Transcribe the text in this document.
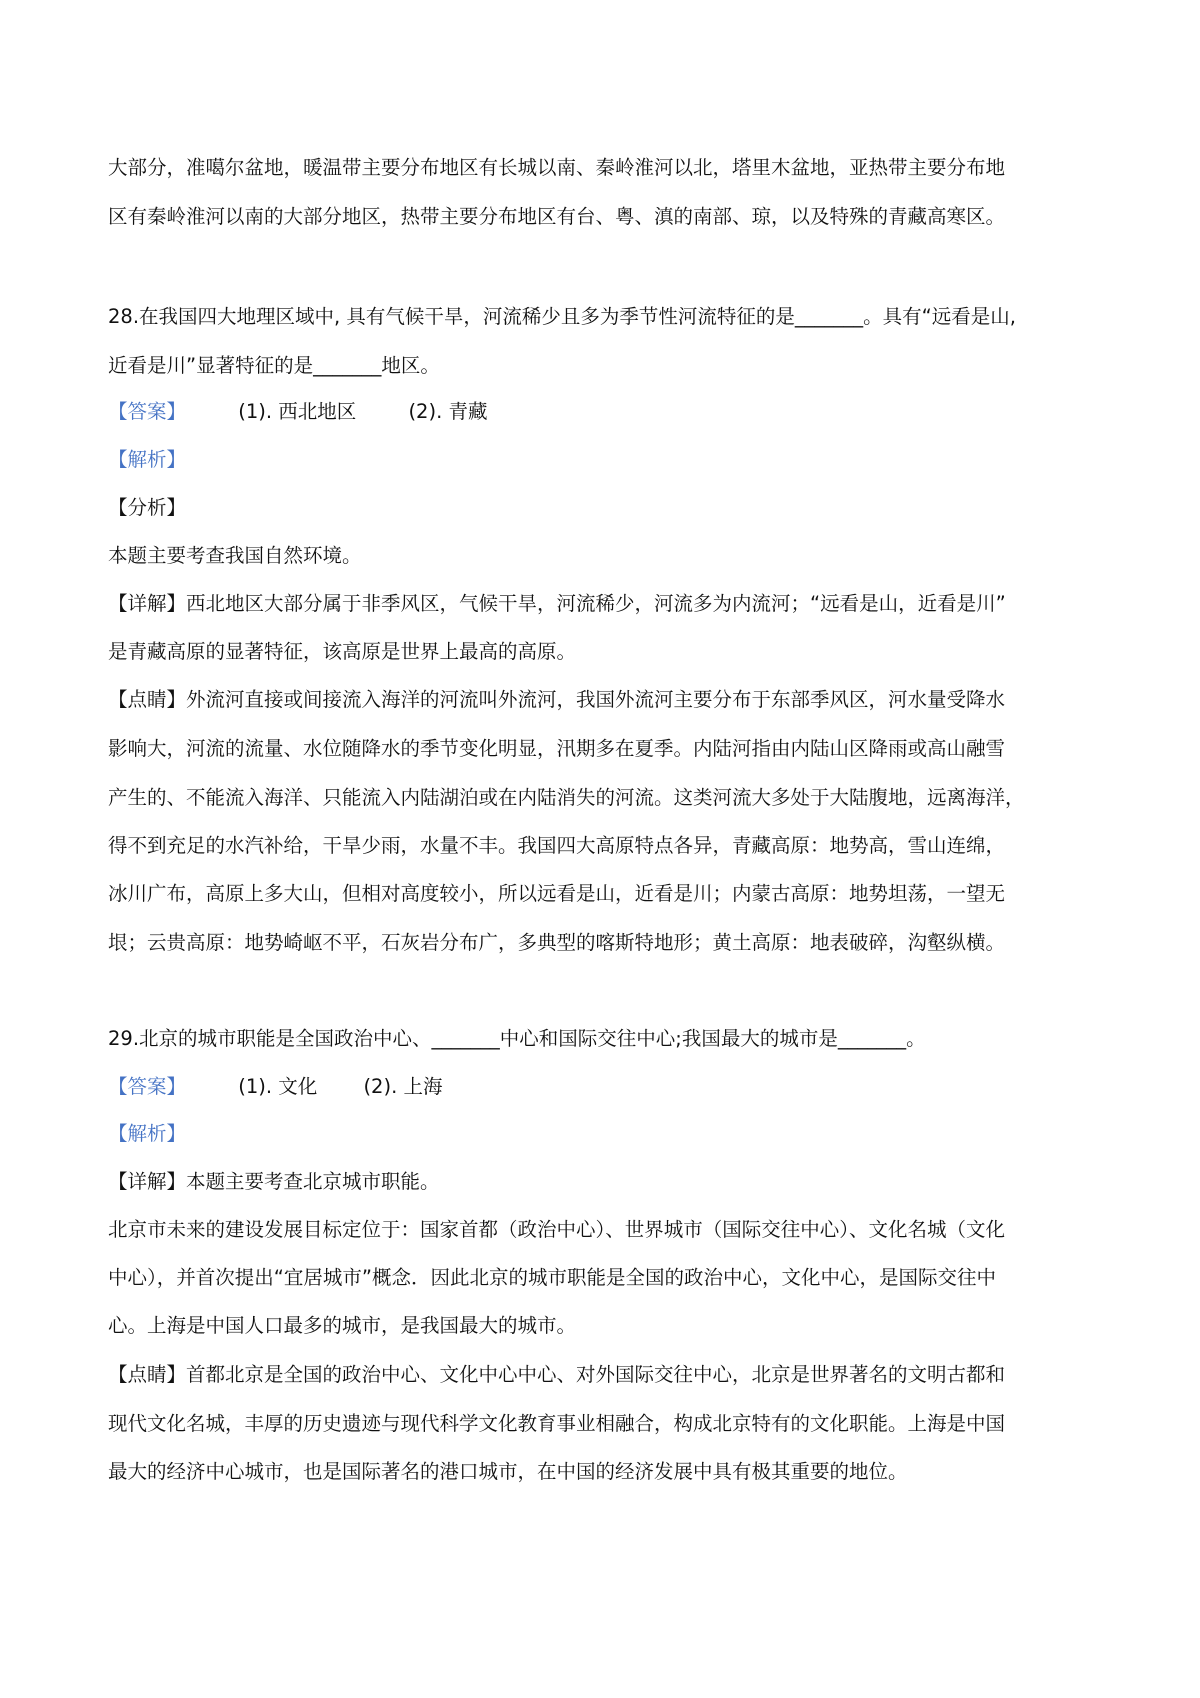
大部分，准噶尔盆地，暖温带主要分布地区有长城以南、秦岭淮河以北，塔里木盆地，亚热带主要分布地
区有秦岭淮河以南的大部分地区，热带主要分布地区有台、粤、滇的南部、琼，以及特殊的青藏高寒区。
28.在我国四大地理区域中, 具有气候干旱，河流稀少且多为季节性河流特征的是_______。具有“远看是山,
近看是川”显著特征的是_______地区。
【答案】	(1). 西北地区	(2). 青藏
【解析】
【分析】
本题主要考查我国自然环境。
【详解】西北地区大部分属于非季风区，气候干旱，河流稀少，河流多为内流河；“远看是山，近看是川”
是青藏高原的显著特征，该高原是世界上最高的高原。
【点睛】外流河直接或间接流入海洋的河流叫外流河，我国外流河主要分布于东部季风区，河水量受降水
影响大，河流的流量、水位随降水的季节变化明显，汛期多在夏季。内陆河指由内陆山区降雨或高山融雪
产生的、不能流入海洋、只能流入内陆湖泊或在内陆消失的河流。这类河流大多处于大陆腹地，远离海洋，
得不到充足的水汽补给，干旱少雨，水量不丰。我国四大高原特点各异，青藏高原：地势高，雪山连绵，
冰川广布，高原上多大山，但相对高度较小，所以远看是山，近看是川；内蒙古高原：地势坦荡，一望无
垠；云贵高原：地势崎岖不平，石灰岩分布广，多典型的喀斯特地形；黄土高原：地表破碎，沟壑纵横。
29.北京的城市职能是全国政治中心、_______中心和国际交往中心;我国最大的城市是_______。
【答案】	(1). 文化 (2). 上海
【解析】
【详解】本题主要考查北京城市职能。
北京市未来的建设发展目标定位于：国家首都（政治中心）、世界城市（国际交往中心）、文化名城（文化
中心），并首次提出“宜居城市”概念．因此北京的城市职能是全国的政治中心，文化中心，是国际交往中
心。上海是中国人口最多的城市，是我国最大的城市。
【点睛】首都北京是全国的政治中心、文化中心中心、对外国际交往中心，北京是世界著名的文明古都和
现代文化名城，丰厚的历史遗迹与现代科学文化教育事业相融合，构成北京特有的文化职能。上海是中国
最大的经济中心城市，也是国际著名的港口城市，在中国的经济发展中具有极其重要的地位。
